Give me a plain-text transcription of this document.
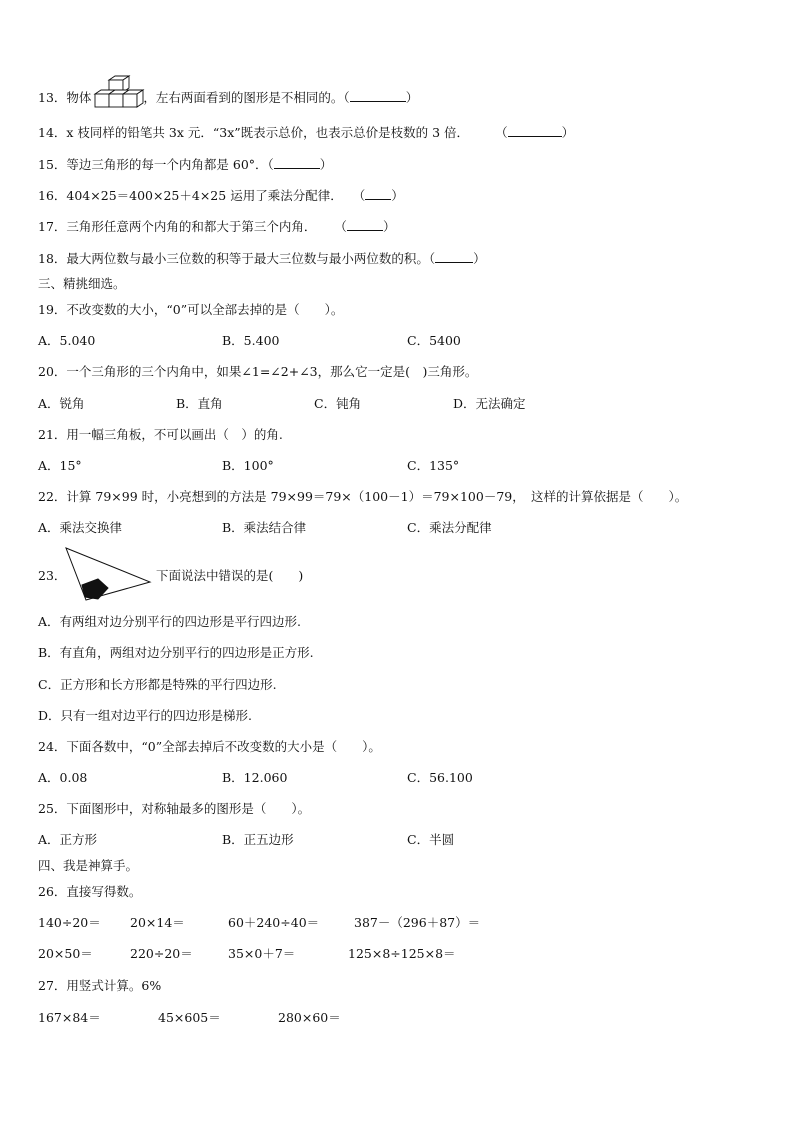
13．物体	，左右两面看到的图形是不相同的。（	）
14．x 枝同样的铅笔共 3x 元．“3x”既表示总价，也表示总价是枝数的 3 倍． （	）
15．等边三角形的每一个内角都是 60°．（	）
16．404×25＝400×25＋4×25 运用了乘法分配律． （ ）
17．三角形任意两个内角的和都大于第三个内角． （	）
18．最大两位数与最小三位数的积等于最大三位数与最小两位数的积。（	）
三、精挑细选。
19．不改变数的大小，“0”可以全部去掉的是（　　）。
A．5.040	B．5.400	C．5400
20．一个三角形的三个内角中，如果∠1=∠2+∠3，那么它一定是(　)三角形。
A．锐角	B．直角	C．钝角	D．无法确定
21．用一幅三角板，不可以画出（　）的角.
A．15°	B．100°	C．135°
22．计算 79×99 时，小亮想到的方法是 79×99＝79×（100－1）＝79×100－79，　这样的计算依据是（　　）。
A．乘法交换律	B．乘法结合律	C．乘法分配律
23．	下面说法中错误的是(　　)
A．有两组对边分别平行的四边形是平行四边形.
B．有直角，两组对边分别平行的四边形是正方形.
C．正方形和长方形都是特殊的平行四边形.
D．只有一组对边平行的四边形是梯形.
24．下面各数中，“0”全部去掉后不改变数的大小是（　　）。
A．0.08	B．12.060	C．56.100
25．下面图形中，对称轴最多的图形是（　　）。
A．正方形	B．正五边形	C．半圆
四、我是神算手。
26．直接写得数。
140÷20＝ 20×14＝	60＋240÷40＝	387－（296＋87）＝
20×50＝	220÷20＝	35×0＋7＝	125×8÷125×8＝
27．用竖式计算。6%
167×84＝	45×605＝	280×60＝
